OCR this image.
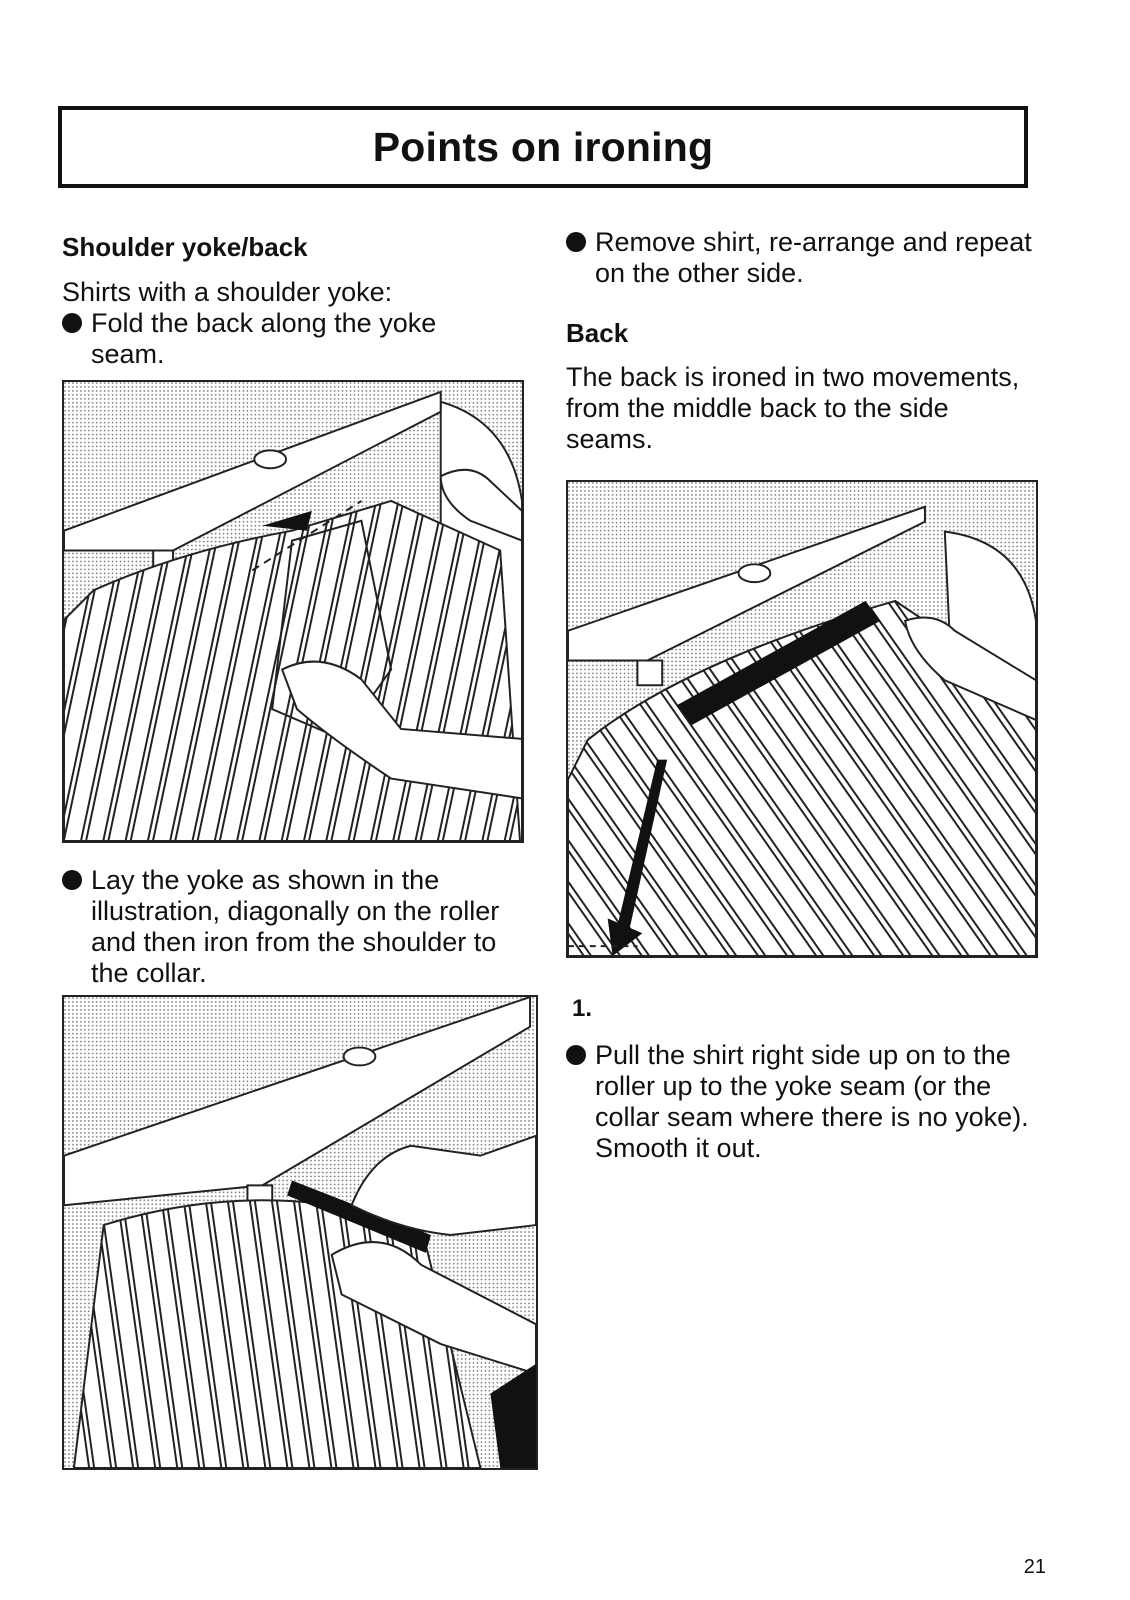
Points on ironing
Shoulder yoke/back
Shirts with a shoulder yoke:
Fold the back along the yoke seam.
Lay the yoke as shown in the illustration, diagonally on the roller and then iron from the shoulder to the collar.
Remove shirt, re-arrange and repeat on the other side.
Back
The back is ironed in two movements, from the middle back to the side seams.
1.
Pull the shirt right side up on to the roller up to the yoke seam (or the collar seam where there is no yoke). Smooth it out.
21
